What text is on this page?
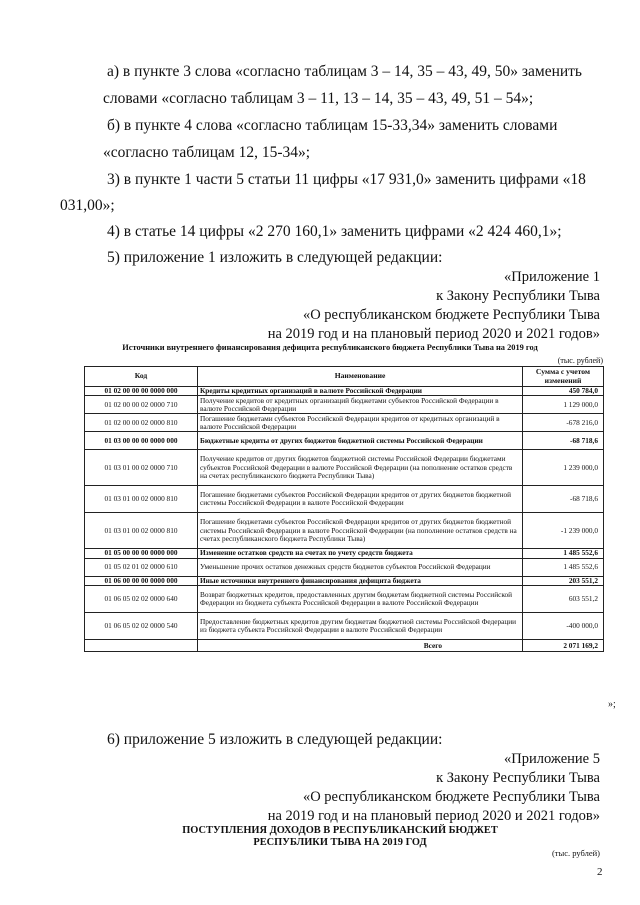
а) в пункте 3 слова «согласно таблицам 3 – 14, 35 – 43, 49, 50» заменить
словами «согласно таблицам 3 – 11, 13 – 14, 35 – 43, 49, 51 – 54»;
б) в пункте 4 слова «согласно таблицам 15-33,34» заменить словами
«согласно таблицам 12, 15-34»;
3) в пункте 1 части 5 статьи 11 цифры «17 931,0» заменить цифрами «18
031,00»;
4) в статье 14 цифры «2 270 160,1» заменить цифрами «2 424 460,1»;
5) приложение 1 изложить в следующей редакции:
«Приложение 1
к Закону Республики Тыва
«О республиканском бюджете Республики Тыва
на 2019 год и на плановый период 2020 и 2021 годов»
Источники внутреннего финансирования дефицита республиканского бюджета Республики Тыва на 2019 год
(тыс. рублей)
Код	Наименование	Сумма с учетом изменений
01 02 00 00 00 0000 000	Кредиты кредитных организаций в валюте Российской Федерации	450 784,0
01 02 00 00 02 0000 710	Получение кредитов от кредитных организаций бюджетами субъектов Российской Федерации в валюте Российской Федерации	1 129 000,0
01 02 00 00 02 0000 810	Погашение бюджетами субъектов Российской Федерации кредитов от кредитных организаций в валюте Российской Федерации	-678 216,0
01 03 00 00 00 0000 000	Бюджетные кредиты от других бюджетов бюджетной системы Российской Федерации	-68 718,6
01 03 01 00 02 0000 710	Получение кредитов от других бюджетов бюджетной системы Российской Федерации бюджетами субъектов Российской Федерации в валюте Российской Федерации (на пополнение остатков средств на счетах республиканского бюджета Республики Тыва)	1 239 000,0
01 03 01 00 02 0000 810	Погашение бюджетами субъектов Российской Федерации кредитов от других бюджетов бюджетной системы Российской Федерации в валюте Российской Федерации	-68 718,6
01 03 01 00 02 0000 810	Погашение бюджетами субъектов Российской Федерации кредитов от других бюджетов бюджетной системы Российской Федерации в валюте Российской Федерации (на пополнение остатков средств на счетах республиканского бюджета Республики Тыва)	-1 239 000,0
01 05 00 00 00 0000 000	Изменение остатков средств на счетах по учету средств бюджета	1 485 552,6
01 05 02 01 02 0000 610	Уменьшение прочих остатков денежных средств бюджетов субъектов Российской Федерации	1 485 552,6
01 06 00 00 00 0000 000	Иные источники внутреннего финансирования дефицита бюджета	203 551,2
01 06 05 02 02 0000 640	Возврат бюджетных кредитов, предоставленных другим бюджетам бюджетной системы Российской Федерации из бюджета субъекта Российской Федерации в валюте Российской Федерации	603 551,2
01 06 05 02 02 0000 540	Предоставление бюджетных кредитов другим бюджетам бюджетной системы Российской Федерации из бюджета субъекта Российской Федерации в валюте Российской Федерации	-400 000,0
	Всего	2 071 169,2
»;
6) приложение 5 изложить в следующей редакции:
«Приложение 5
к Закону Республики Тыва
«О республиканском бюджете Республики Тыва
на 2019 год и на плановый период 2020 и 2021 годов»
ПОСТУПЛЕНИЯ ДОХОДОВ В РЕСПУБЛИКАНСКИЙ БЮДЖЕТ
РЕСПУБЛИКИ ТЫВА НА 2019 ГОД
(тыс. рублей)
2
